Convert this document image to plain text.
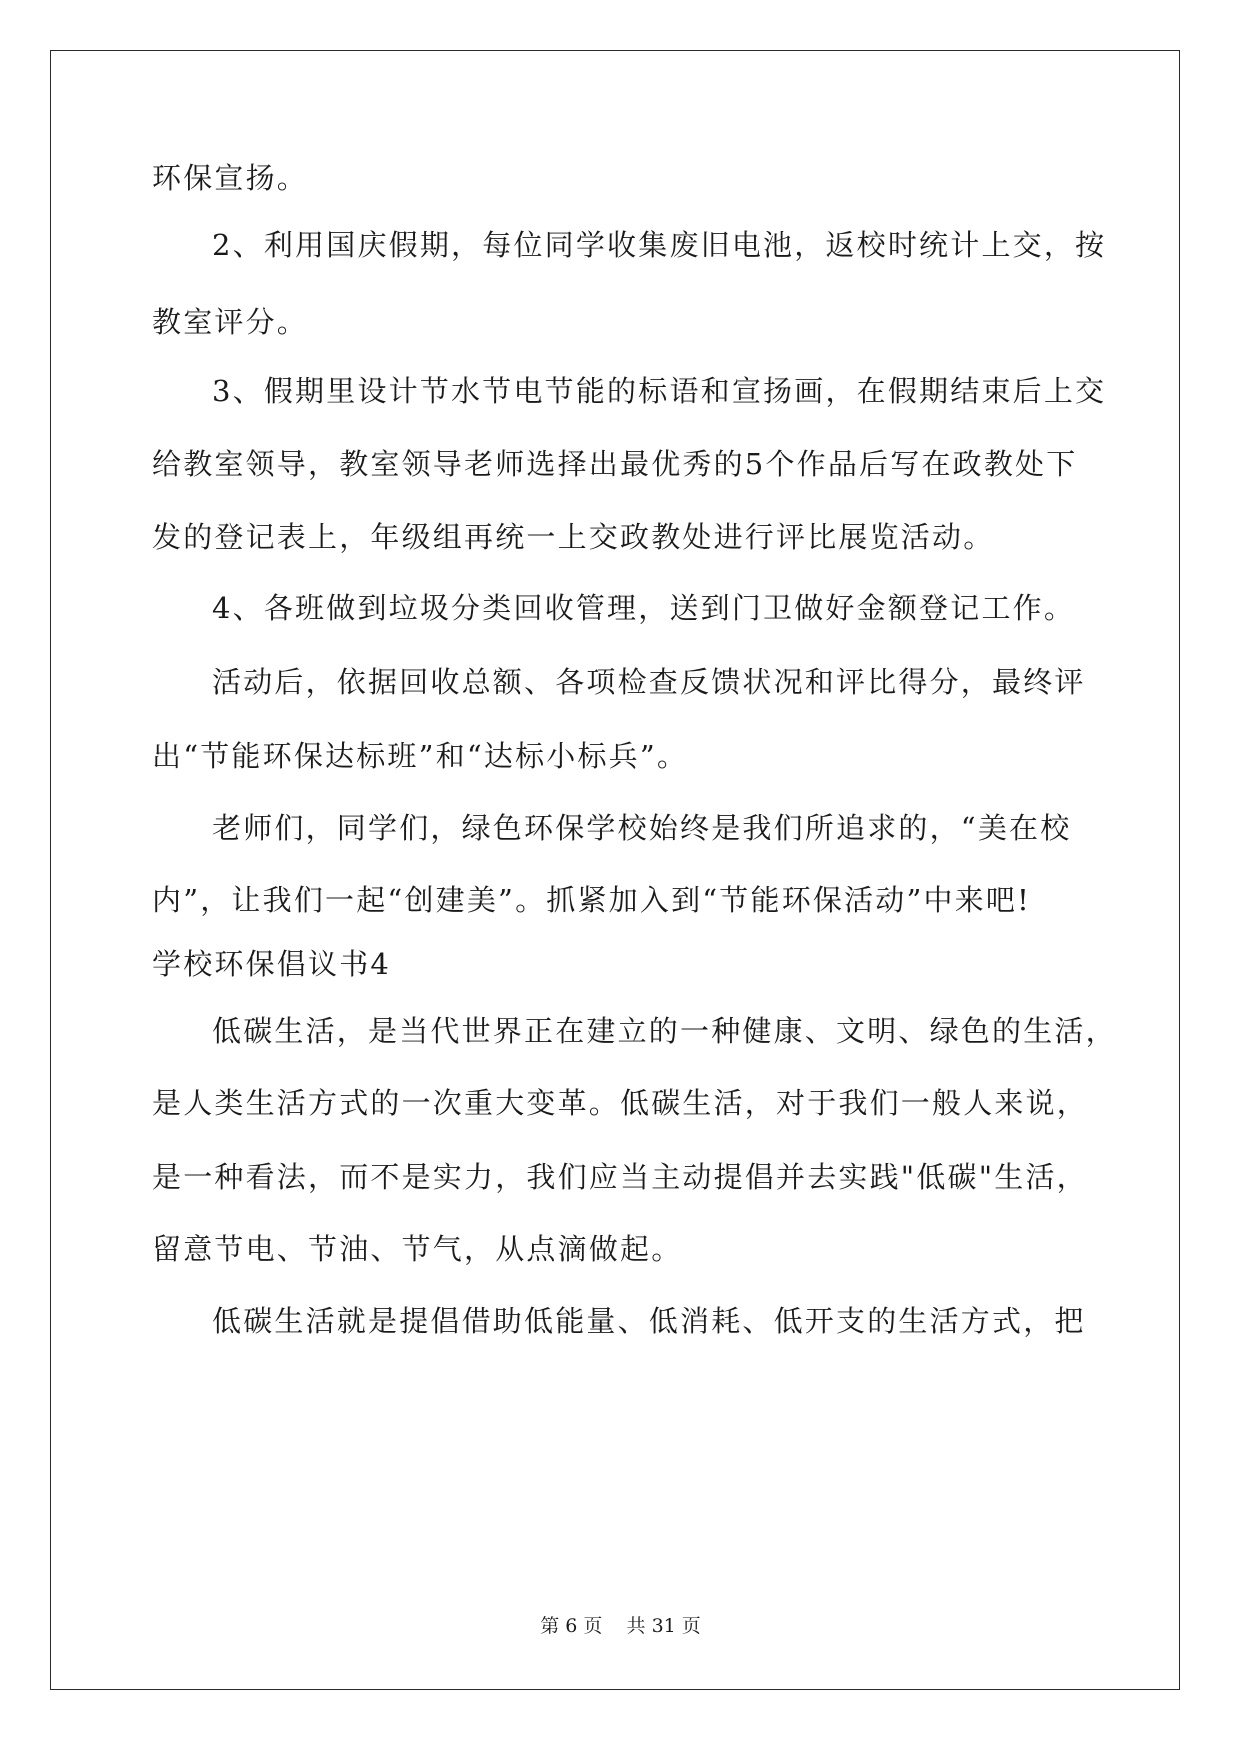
环保宣扬。

2、利用国庆假期，每位同学收集废旧电池，返校时统计上交，按

教室评分。

3、假期里设计节水节电节能的标语和宣扬画，在假期结束后上交

给教室领导，教室领导老师选择出最优秀的5个作品后写在政教处下

发的登记表上，年级组再统一上交政教处进行评比展览活动。

4、各班做到垃圾分类回收管理，送到门卫做好金额登记工作。

活动后，依据回收总额、各项检查反馈状况和评比得分，最终评

出“节能环保达标班”和“达标小标兵”。

老师们，同学们，绿色环保学校始终是我们所追求的，“美在校

内”，让我们一起“创建美”。抓紧加入到“节能环保活动”中来吧!

学校环保倡议书4

低碳生活，是当代世界正在建立的一种健康、文明、绿色的生活，

是人类生活方式的一次重大变革。低碳生活，对于我们一般人来说，

是一种看法，而不是实力，我们应当主动提倡并去实践"低碳"生活，

留意节电、节油、节气，从点滴做起。

低碳生活就是提倡借助低能量、低消耗、低开支的生活方式，把

第 6 页    共 31 页
